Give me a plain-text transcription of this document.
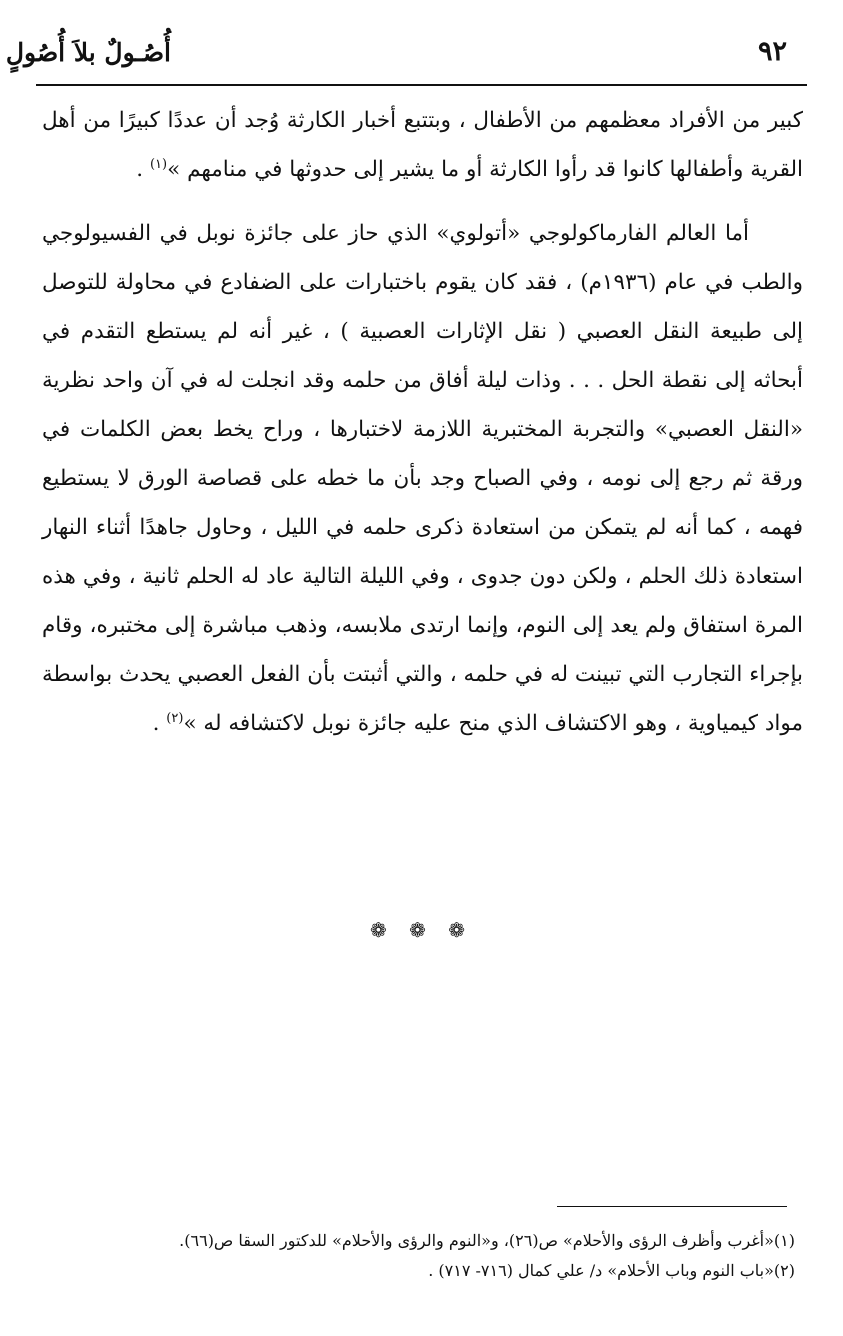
٩٢
أُصُـولٌ بلاَ أُصُولٍ

كبير من الأفراد معظمهم من الأطفال ، وبتتبع أخبار الكارثة وُجد أن عددًا كبيرًا من أهل القرية وأطفالها كانوا قد رأوا الكارثة أو ما يشير إلى حدوثها في منامهم »$^{(١)}$ .

أما العالم الفارماكولوجي «أتولوي» الذي حاز على جائزة نوبل في الفسيولوجي والطب في عام (١٩٣٦م) ، فقد كان يقوم باختبارات على الضفادع في محاولة للتوصل إلى طبيعة النقل العصبي ( نقل الإثارات العصبية ) ، غير أنه لم يستطع التقدم في أبحاثه إلى نقطة الحل . . . وذات ليلة أفاق من حلمه وقد انجلت له في آن واحد نظرية «النقل العصبي» والتجربة المختبرية اللازمة لاختبارها ، وراح يخط بعض الكلمات في ورقة ثم رجع إلى نومه ، وفي الصباح وجد بأن ما خطه على قصاصة الورق لا يستطيع فهمه ، كما أنه لم يتمكن من استعادة ذكرى حلمه في الليل ، وحاول جاهدًا أثناء النهار استعادة ذلك الحلم ، ولكن دون جدوى ، وفي الليلة التالية عاد له الحلم ثانية ، وفي هذه المرة استفاق ولم يعد إلى النوم، وإنما ارتدى ملابسه، وذهب مباشرة إلى مختبره، وقام بإجراء التجارب التي تبينت له في حلمه ، والتي أثبتت بأن الفعل العصبي يحدث بواسطة مواد كيمياوية ، وهو الاكتشاف الذي منح عليه جائزة نوبل لاكتشافه له »$^{(٢)}$ .

❁ ❁ ❁
(١)«أغرب وأظرف الرؤى والأحلام» ص(٢٦)، و«النوم والرؤى والأحلام» للدكتور السقا ص(٦٦).
(٢)«باب النوم وباب الأحلام» د/ علي كمال (٧١٦- ٧١٧) .
